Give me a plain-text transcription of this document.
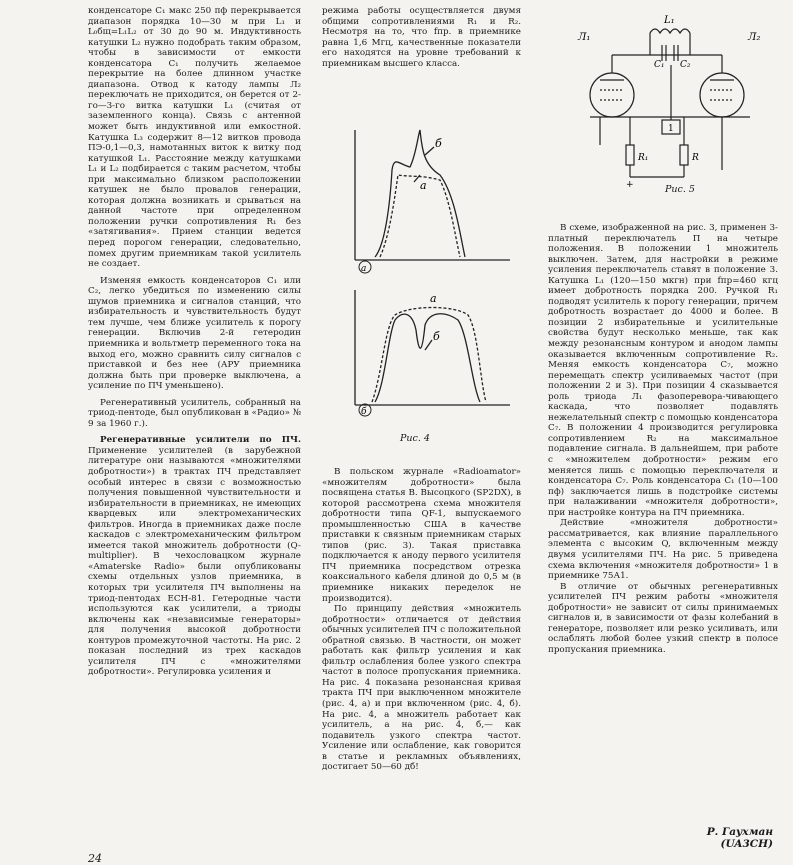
конденсаторе С₁ макс 250 пф перекрывается диапазон порядка 10—30 м при L₁ и L₀бщ=L₁L₂ от 30 до 90 м. Индуктивность катушки L₂ нужно подобрать таким образом, чтобы в зависимости от емкости конденсатора С₁ получить желаемое перекрытие на более длинном участке диапазона. Отвод к катоду лампы Л₂ переключать не приходится, он берется от 2-го—3-го витка катушки L₁ (считая от заземленного конца). Связь с антенной может быть индуктивной или емкостной. Катушка L₃ содержит 8—12 витков провода ПЭ-0,1—0,3, намотанных виток к витку под катушкой L₁. Расстояние между катушками L₁ и L₂ подбирается с таким расчетом, чтобы при максимально близком расположении катушек не было провалов генерации, которая должна возникать и срываться на данной частоте при определенном положении ручки сопротивления R₁ без «затягивания». Прием станции ведется перед порогом генерации, следовательно, помех другим приемникам такой усилитель не создает.

Изменяя емкость конденсаторов С₁ или С₂, легко убедиться по изменению силы шумов приемника и сигналов станций, что избирательность и чувствительность будут тем лучше, чем ближе усилитель к порогу генерации. Включив 2-й гетеродин приемника и вольтметр переменного тока на выход его, можно сравнить силу сигналов с приставкой и без нее (АРУ приемника должна быть при проверке выключена, а усиление по ПЧ уменьшено).

Регенеративный усилитель, собранный на триод-пентоде, был опубликован в «Радио» № 9 за 1960 г.).

Регенеративные усилители по ПЧ. Применение усилителей (в зарубежной литературе они называются «множителями добротности») в трактах ПЧ представляет особый интерес в связи с возможностью получения повышенной чувствительности и избирательности в приемниках, не имеющих кварцевых или электромеханических фильтров. Иногда в приемниках даже после каскадов с электромеханическим фильтром имеется такой множитель добротности (Q-multiplier). В чехословацком журнале «Amaterske Radio» были опубликованы схемы отдельных узлов приемника, в которых три усилителя ПЧ выполнены на триод-пентодах ECH-81. Гетеродные части используются как усилители, а триоды включены как «независимые генераторы» для получения высокой добротности контуров промежуточной частоты. На рис. 2 показан последний из трех каскадов усилителя ПЧ с «множителями добротности». Регулировка усиления и

режима работы осуществляется двумя общими сопротивлениями R₁ и R₂. Несмотря на то, что fпр. в приемнике равна 1,6 Мгц, качественные показатели его находятся на уровне требований к приемникам высшего класса.

б
а
б
а
а
б
Рис. 4

В польском журнале «Radioamator» «множителям добротности» была посвящена статья В. Высоцкого (SP2DX), в которой рассмотрена схема множителя добротности типа QF-1, выпускаемого промышленностью США в качестве приставки к связным приемникам старых типов (рис. 3). Такая приставка подключается к аноду первого усилителя ПЧ приемника посредством отрезка коаксиального кабеля длиной до 0,5 м (в приемнике никаких переделок не производится).

По принципу действия «множитель добротности» отличается от действия обычных усилителей ПЧ с положительной обратной связью. В частности, он может работать как фильтр усиления и как фильтр ослабления более узкого спектра частот в полосе пропускания приемника. На рис. 4 показана резонансная кривая тракта ПЧ при выключенном множителе (рис. 4, а) и при включенном (рис. 4, б). На рис. 4, а множитель работает как усилитель, а на рис. 4, б,— как подавитель узкого спектра частот. Усиление или ослабление, как говорится в статье и рекламных объявлениях, достигает 50—60 дб!

Л₁	Л₂
L₁
C₁ C₂
1
R₁	R
+	Рис. 5

В схеме, изображенной на рис. 3, применен 3-платный переключатель П на четыре положения. В положении 1 множитель выключен. Затем, для настройки в режиме усиления переключатель ставят в положение 3. Катушка L₁ (120—150 мкгн) при fпр=460 кгц имеет добротность порядка 200. Ручкой R₁ подводят усилитель к порогу генерации, причем добротность возрастает до 4000 и более. В позиции 2 избирательные и усилительные свойства будут несколько меньше, так как между резонансным контуром и анодом лампы оказывается включенным сопротивление R₂. Меняя емкость конденсатора С₇, можно перемещать спектр усиливаемых частот (при положении 2 и 3). При позиции 4 сказывается роль триода Л₁ фазоперевора-чивающего каскада, что позволяет подавлять нежелательный спектр с помощью конденсатора С₇. В положении 4 производится регулировка сопротивлением R₂ на максимальное подавление сигнала. В дальнейшем, при работе с «множителем добротности» режим его меняется лишь с помощью переключателя и конденсатора С₇. Роль конденсатора С₁ (10—100 пф) заключается лишь в подстройке системы при налаживании «множителя добротности», при настройке контура на ПЧ приемника.

Действие «множителя добротности» рассматривается, как влияние параллельного элемента с высоким Q, включенным между двумя усилителями ПЧ. На рис. 5 приведена схема включения «множителя добротности» 1 в приемнике 75А1.

В отличие от обычных регенеративных усилителей ПЧ режим работы «множителя добротности» не зависит от силы принимаемых сигналов и, в зависимости от фазы колебаний в генераторе, позволяет или резко усиливать, или ослаблять любой более узкий спектр в полосе пропускания приемника.

Р. Гаухман
(UA3CH)
24
